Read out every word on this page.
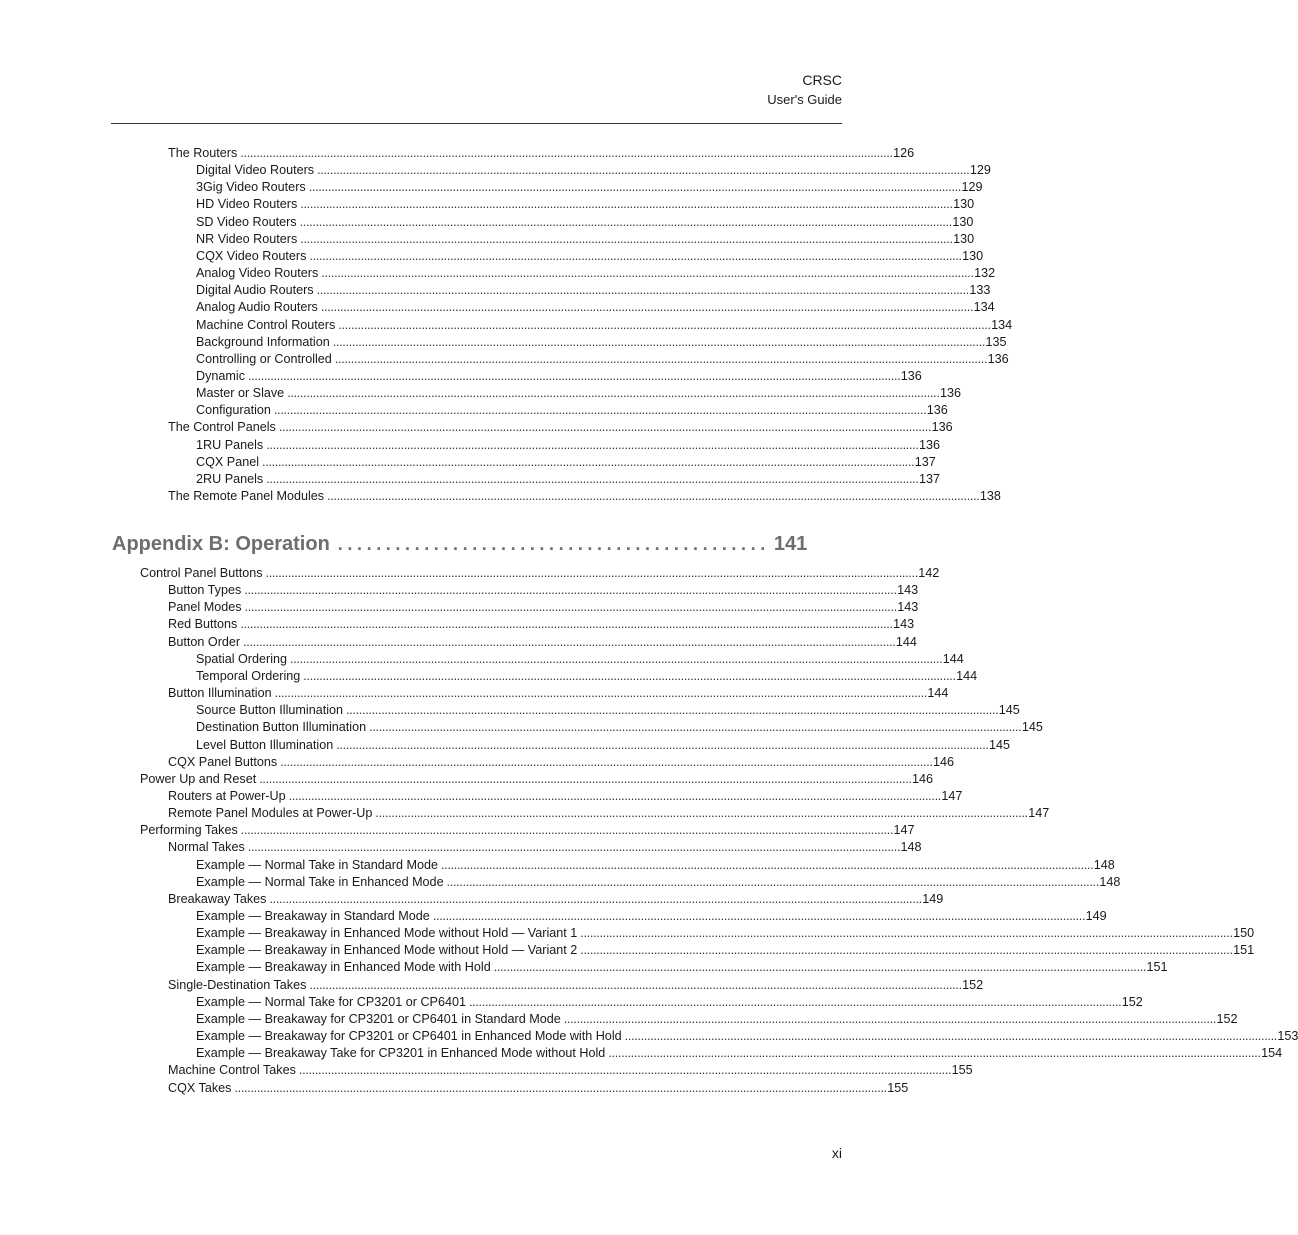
CRSC
User's Guide
The Routers . . .	126
Digital Video Routers . . .	129
3Gig Video Routers . . .	129
HD Video Routers . . .	130
SD Video Routers . . .	130
NR Video Routers . . .	130
CQX Video Routers . . .	130
Analog Video Routers . . .	132
Digital Audio Routers . . .	133
Analog Audio Routers . . .	134
Machine Control Routers . . .	134
Background Information . . .	135
Controlling or Controlled . . .	136
Dynamic . . .	136
Master or Slave . . .	136
Configuration . . .	136
The Control Panels . . .	136
1RU Panels . . .	136
CQX Panel . . .	137
2RU Panels . . .	137
The Remote Panel Modules . . .	138
Appendix B: Operation ............................................. 141
Control Panel Buttons . . .	142
Button Types . . .	143
Panel Modes . . .	143
Red Buttons . . .	143
Button Order . . .	144
Spatial Ordering . . .	144
Temporal Ordering . . .	144
Button Illumination . . .	144
Source Button Illumination . . .	145
Destination Button Illumination . . .	145
Level Button Illumination . . .	145
CQX Panel Buttons . . .	146
Power Up and Reset . . .	146
Routers at Power-Up . . .	147
Remote Panel Modules at Power-Up . . .	147
Performing Takes . . .	147
Normal Takes . . .	148
Example — Normal Take in Standard Mode . . .	148
Example — Normal Take in Enhanced Mode . . .	148
Breakaway Takes . . .	149
Example — Breakaway in Standard Mode . . .	149
Example — Breakaway in Enhanced Mode without Hold — Variant 1 . . .	150
Example — Breakaway in Enhanced Mode without Hold — Variant 2 . . .	151
Example — Breakaway in Enhanced Mode with Hold . . .	151
Single-Destination Takes . . .	152
Example — Normal Take for CP3201 or CP6401 . . .	152
Example — Breakaway for CP3201 or CP6401 in Standard Mode . . .	152
Example — Breakaway for CP3201 or CP6401 in Enhanced Mode with Hold . . .	153
Example — Breakaway Take for CP3201 in Enhanced Mode without Hold . . .	154
Machine Control Takes . . .	155
CQX Takes . . .	155
xi
